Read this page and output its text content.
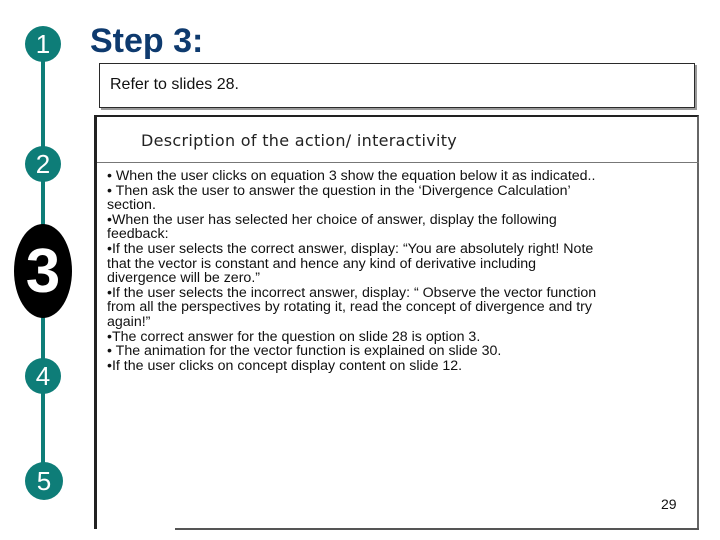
1
2
3
4
5
Step 3:
Refer to slides 28.
Description of the action/ interactivity
• When the user clicks on equation 3 show the equation below it as indicated..
• Then ask the user to answer the question in the ‘Divergence Calculation’
section.
•When the user has selected her choice of answer, display the following
feedback:
•If the user selects the correct answer, display: “You are absolutely right! Note
that the vector is constant and hence any kind of derivative including
divergence will be zero.”
•If the user selects the incorrect answer, display: “ Observe the vector function
from all the perspectives by rotating it, read the concept of divergence and try
again!”
•The correct answer for the question on slide 28 is option 3.
• The animation for the vector function is explained on slide 30.
•If the user clicks on concept display content on slide 12.
29
